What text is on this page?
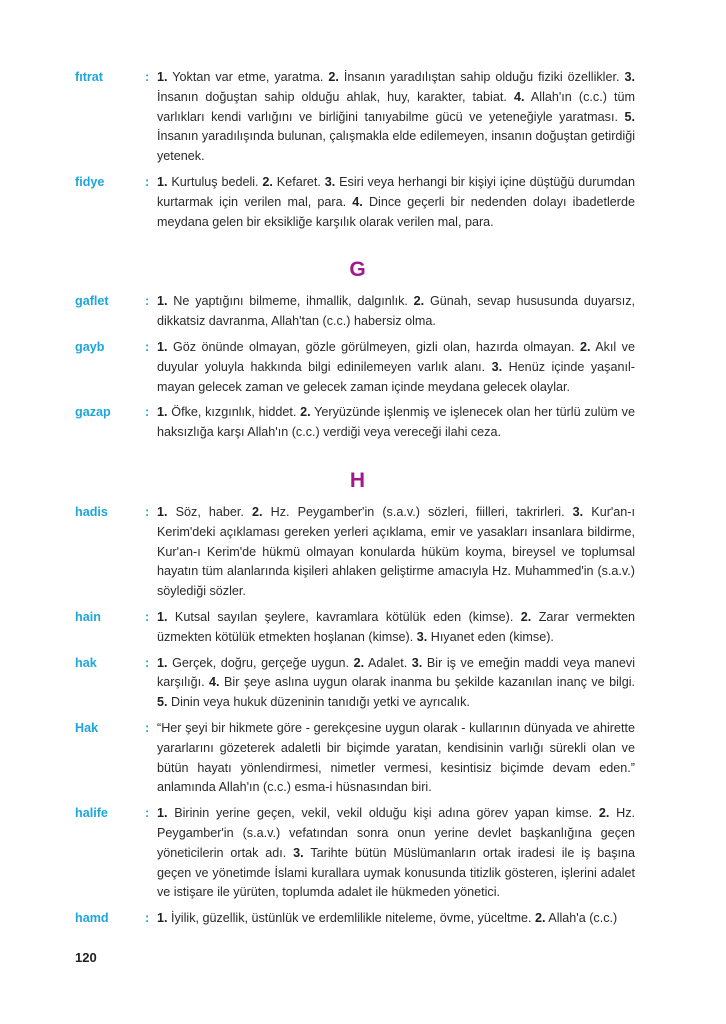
fıtrat	: 1. Yoktan var etme, yaratma. 2. İnsanın yaradılıştan sahip olduğu fiziki özellikler. 3. İnsanın doğuştan sahip olduğu ahlak, huy, karakter, tabiat. 4. Allah'ın (c.c.) tüm varlıkları kendi varlığını ve birliğini tanıyabilme gücü ve yeteneğiyle yaratması. 5. İnsanın yaradılışında bulunan, çalışmakla elde edilemeyen, insanın doğuştan getirdiği yetenek.
fidye	: 1. Kurtuluş bedeli. 2. Kefaret. 3. Esiri veya herhangi bir kişiyi içine düştüğü durumdan kurtarmak için verilen mal, para. 4. Dince geçerli bir nedenden dolayı ibadetlerde meydana gelen bir eksikliğe karşılık olarak verilen mal, para.
G
gaflet	: 1. Ne yaptığını bilmeme, ihmallik, dalgınlık. 2. Günah, sevap hususunda duyarsız, dikkatsiz davranma, Allah'tan (c.c.) habersiz olma.
gayb	: 1. Göz önünde olmayan, gözle görülmeyen, gizli olan, hazırda olmayan. 2. Akıl ve duyular yoluyla hakkında bilgi edinilemeyen varlık alanı. 3. Henüz içinde yaşanılmayan gelecek zaman ve gelecek zaman içinde meydana gelecek olaylar.
gazap	: 1. Öfke, kızgınlık, hiddet. 2. Yeryüzünde işlenmiş ve işlenecek olan her türlü zulüm ve haksızlığa karşı Allah'ın (c.c.) verdiği veya vereceği ilahi ceza.
H
hadis	: 1. Söz, haber. 2. Hz. Peygamber'in (s.a.v.) sözleri, fiilleri, takrirleri. 3. Kur'an-ı Kerim'deki açıklaması gereken yerleri açıklama, emir ve yasakları insanlara bildirme, Kur'an-ı Kerim'de hükmü olmayan konularda hüküm koyma, bireysel ve toplumsal hayatın tüm alanlarında kişileri ahlaken geliştirme amacıyla Hz. Muhammed'in (s.a.v.) söylediği sözler.
hain	: 1. Kutsal sayılan şeylere, kavramlara kötülük eden (kimse). 2. Zarar vermekten üzmekten kötülük etmekten hoşlanan (kimse). 3. Hıyanet eden (kimse).
hak	: 1. Gerçek, doğru, gerçeğe uygun. 2. Adalet. 3. Bir iş ve emeğin maddi veya manevi karşılığı. 4. Bir şeye aslına uygun olarak inanma bu şekilde kazanılan inanç ve bilgi. 5. Dinin veya hukuk düzeninin tanıdığı yetki ve ayrıcalık.
Hak	: “Her şeyi bir hikmete göre - gerekçesine uygun olarak - kullarının dünyada ve ahirette yararlarını gözeterek adaletli bir biçimde yaratan, kendisinin varlığı sürekli olan ve bütün hayatı yönlendirmesi, nimetler vermesi, kesintisiz biçimde devam eden.” anlamında Allah'ın (c.c.) esma-i hüsnasından biri.
halife	: 1. Birinin yerine geçen, vekil, vekil olduğu kişi adına görev yapan kimse. 2. Hz. Peygamber'in (s.a.v.) vefatından sonra onun yerine devlet başkanlığına geçen yöneticilerin ortak adı. 3. Tarihte bütün Müslümanların ortak iradesi ile iş başına geçen ve yönetimde İslami kurallara uymak konusunda titizlik gösteren, işlerini adalet ve istişare ile yürüten, toplumda adalet ile hükmeden yönetici.
hamd	: 1. İyilik, güzellik, üstünlük ve erdemlilikle niteleme, övme, yüceltme. 2. Allah'a (c.c.)
120
